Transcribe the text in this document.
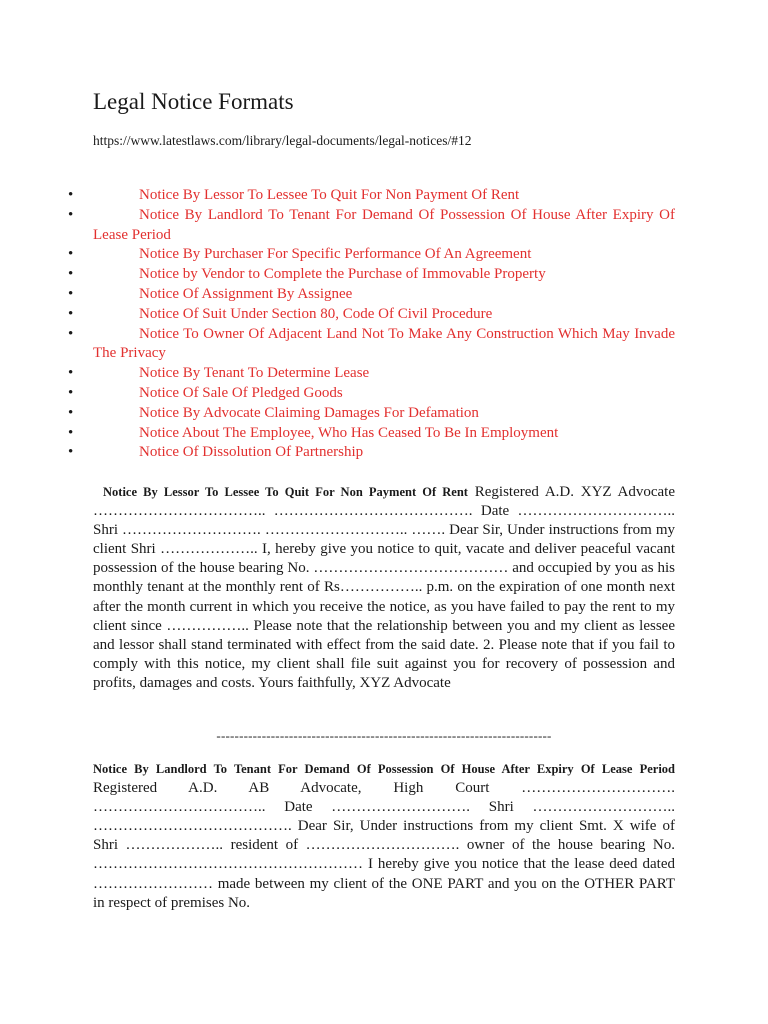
Legal Notice Formats
https://www.latestlaws.com/library/legal-documents/legal-notices/#12
•	Notice By Lessor To Lessee To Quit For Non Payment Of Rent
•	Notice By Landlord To Tenant For Demand Of Possession Of House After Expiry Of Lease Period
•	Notice By Purchaser For Specific Performance Of An Agreement
•	Notice by Vendor to Complete the Purchase of Immovable Property
•	Notice Of Assignment By Assignee
•	Notice Of Suit Under Section 80, Code Of Civil Procedure
•	Notice To Owner Of Adjacent Land Not To Make Any Construction Which May Invade The Privacy
•	Notice By Tenant To Determine Lease
•	Notice Of Sale Of Pledged Goods
•	Notice By Advocate Claiming Damages For Defamation
•	Notice About The Employee, Who Has Ceased To Be In Employment
•	Notice Of Dissolution Of Partnership

Notice By Lessor To Lessee To Quit For Non Payment Of Rent Registered A.D. XYZ Advocate …………………………….. …………………………………. Date ………………………….. Shri ………………………. ……………………….. ……. Dear Sir, Under instructions from my client Shri ……………….. I, hereby give you notice to quit, vacate and deliver peaceful vacant possession of the house bearing No. ………………………………… and occupied by you as his monthly tenant at the monthly rent of Rs…………….. p.m. on the expiration of one month next after the month current in which you receive the notice, as you have failed to pay the rent to my client since …………….. Please note that the relationship between you and my client as lessee and lessor shall stand terminated with effect from the said date. 2. Please note that if you fail to comply with this notice, my client shall file suit against you for recovery of possession and profits, damages and costs. Yours faithfully, XYZ Advocate

--------------------------------------------------------------------------

Notice By Landlord To Tenant For Demand Of Possession Of House After Expiry Of Lease Period Registered A.D. AB Advocate, High Court …………………………. …………………………….. Date ………………………. Shri ……………………….. …………………………………. Dear Sir, Under instructions from my client Smt. X wife of Shri ……………….. resident of …………………………. owner of the house bearing No. ……………………………………………… I hereby give you notice that the lease deed dated …………………… made between my client of the ONE PART and you on the OTHER PART in respect of premises No.
